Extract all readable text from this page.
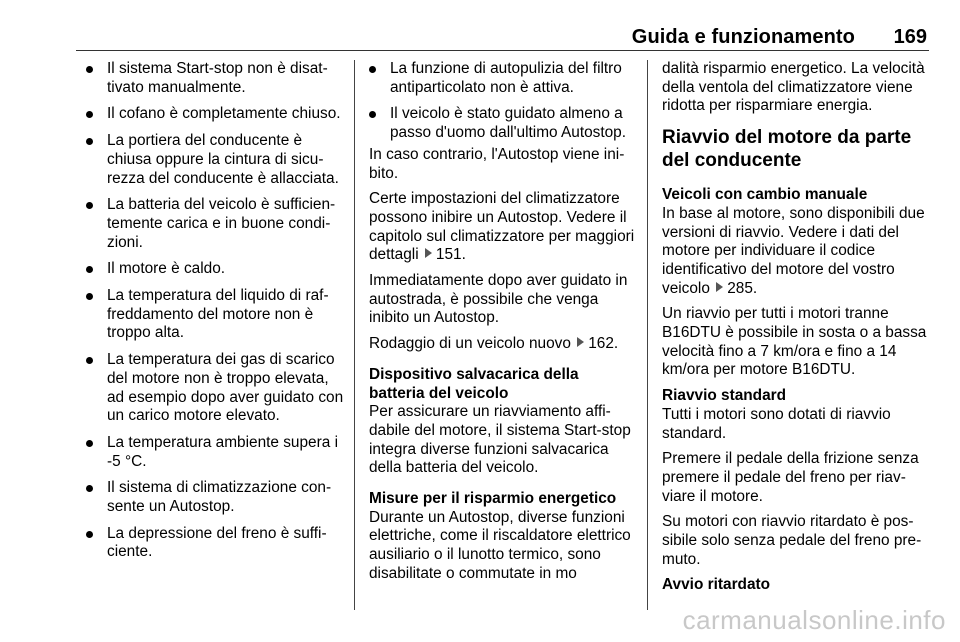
Guida e funzionamento 169
Il sistema Start-stop non è disattivato manualmente.
Il cofano è completamente chiuso.
La portiera del conducente è chiusa oppure la cintura di sicurezza del conducente è allacciata.
La batteria del veicolo è sufficientemente carica e in buone condizioni.
Il motore è caldo.
La temperatura del liquido di raffreddamento del motore non è troppo alta.
La temperatura dei gas di scarico del motore non è troppo elevata, ad esempio dopo aver guidato con un carico motore elevato.
La temperatura ambiente supera i -5 °C.
Il sistema di climatizzazione consente un Autostop.
La depressione del freno è sufficiente.
La funzione di autopulizia del filtro antiparticolato non è attiva.
Il veicolo è stato guidato almeno a passo d'uomo dall'ultimo Autostop.

In caso contrario, l'Autostop viene inibito.

Certe impostazioni del climatizzatore possono inibire un Autostop. Vedere il capitolo sul climatizzatore per maggiori dettagli 151.

Immediatamente dopo aver guidato in autostrada, è possibile che venga inibito un Autostop.

Rodaggio di un veicolo nuovo 162.

Dispositivo salvacarica della batteria del veicolo

Per assicurare un riavviamento affidabile del motore, il sistema Start-stop integra diverse funzioni salvacarica della batteria del veicolo.

Misure per il risparmio energetico

Durante un Autostop, diverse funzioni elettriche, come il riscaldatore elettrico ausiliario o il lunotto termico, sono disabilitate o commutate in mo

dalità risparmio energetico. La velocità della ventola del climatizzatore viene ridotta per risparmiare energia.

Riavvio del motore da parte del conducente
Veicoli con cambio manuale

In base al motore, sono disponibili due versioni di riavvio. Vedere i dati del motore per individuare il codice identificativo del motore del vostro veicolo 285.

Un riavvio per tutti i motori tranne B16DTU è possibile in sosta o a bassa velocità fino a 7 km/ora e fino a 14 km/ora per motore B16DTU.

Riavvio standard

Tutti i motori sono dotati di riavvio standard.

Premere il pedale della frizione senza premere il pedale del freno per riavviare il motore.

Su motori con riavvio ritardato è possibile solo senza pedale del freno premuto.

Avvio ritardato
carmanualsonline.info
